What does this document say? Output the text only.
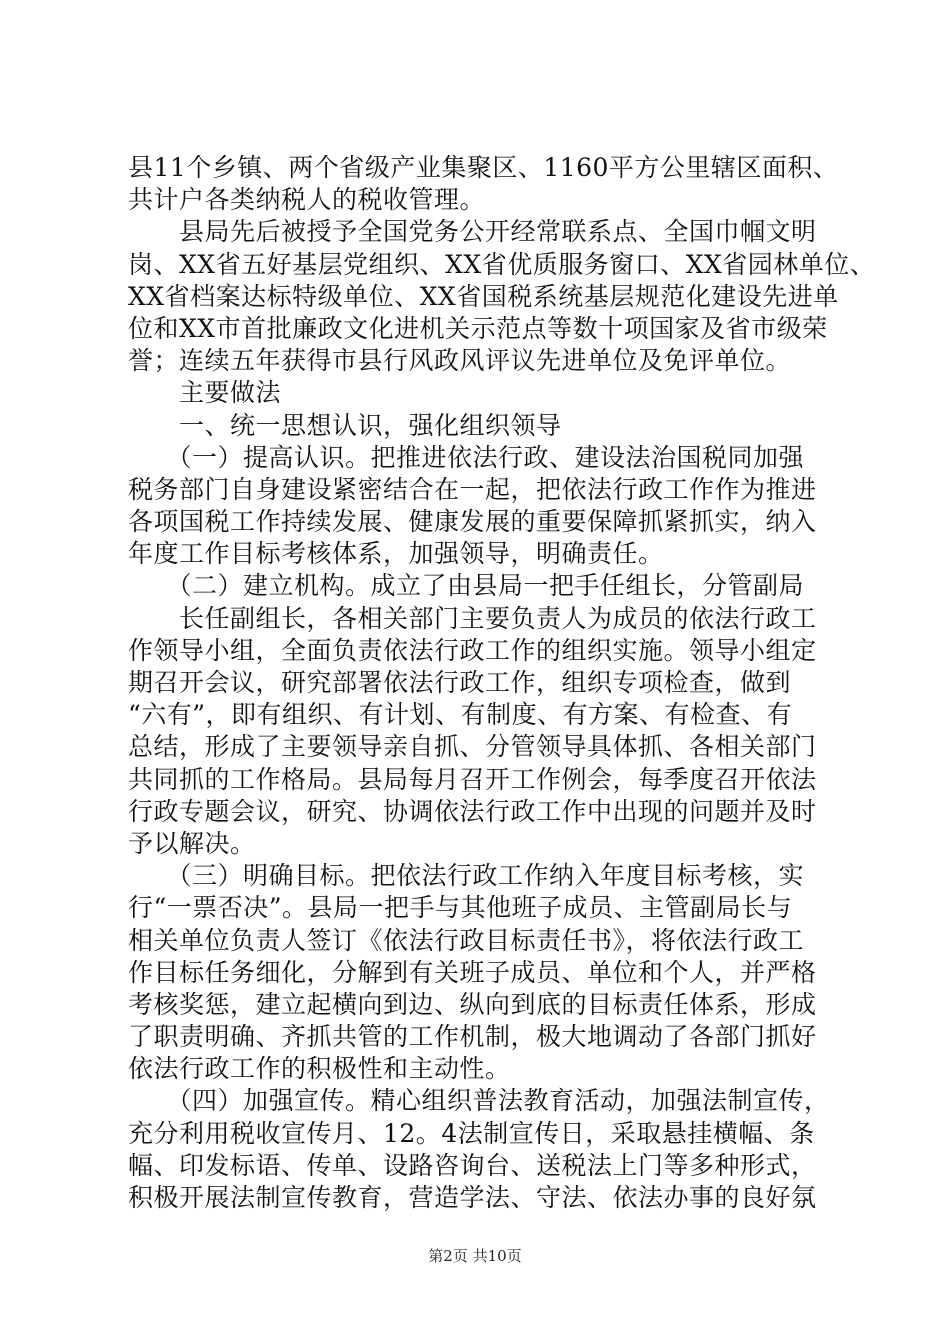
县11个乡镇、两个省级产业集聚区、1160平方公里辖区面积、
共计户各类纳税人的税收管理。
　　县局先后被授予全国党务公开经常联系点、全国巾帼文明
岗、XX省五好基层党组织、XX省优质服务窗口、XX省园林单位、
XX省档案达标特级单位、XX省国税系统基层规范化建设先进单
位和XX市首批廉政文化进机关示范点等数十项国家及省市级荣
誉；连续五年获得市县行风政风评议先进单位及免评单位。
　　主要做法
　　一、统一思想认识，强化组织领导
　　（一）提高认识。把推进依法行政、建设法治国税同加强
税务部门自身建设紧密结合在一起，把依法行政工作作为推进
各项国税工作持续发展、健康发展的重要保障抓紧抓实，纳入
年度工作目标考核体系，加强领导，明确责任。
　　（二）建立机构。成立了由县局一把手任组长，分管副局
　　长任副组长，各相关部门主要负责人为成员的依法行政工
作领导小组，全面负责依法行政工作的组织实施。领导小组定
期召开会议，研究部署依法行政工作，组织专项检查，做到
“六有”，即有组织、有计划、有制度、有方案、有检查、有
总结，形成了主要领导亲自抓、分管领导具体抓、各相关部门
共同抓的工作格局。县局每月召开工作例会，每季度召开依法
行政专题会议，研究、协调依法行政工作中出现的问题并及时
予以解决。
　　（三）明确目标。把依法行政工作纳入年度目标考核，实
行“一票否决”。县局一把手与其他班子成员、主管副局长与
相关单位负责人签订《依法行政目标责任书》，将依法行政工
作目标任务细化，分解到有关班子成员、单位和个人，并严格
考核奖惩，建立起横向到边、纵向到底的目标责任体系，形成
了职责明确、齐抓共管的工作机制，极大地调动了各部门抓好
依法行政工作的积极性和主动性。
　　（四）加强宣传。精心组织普法教育活动，加强法制宣传，
充分利用税收宣传月、12。4法制宣传日，采取悬挂横幅、条
幅、印发标语、传单、设路咨询台、送税法上门等多种形式，
积极开展法制宣传教育，营造学法、守法、依法办事的良好氛
第2页 共10页
